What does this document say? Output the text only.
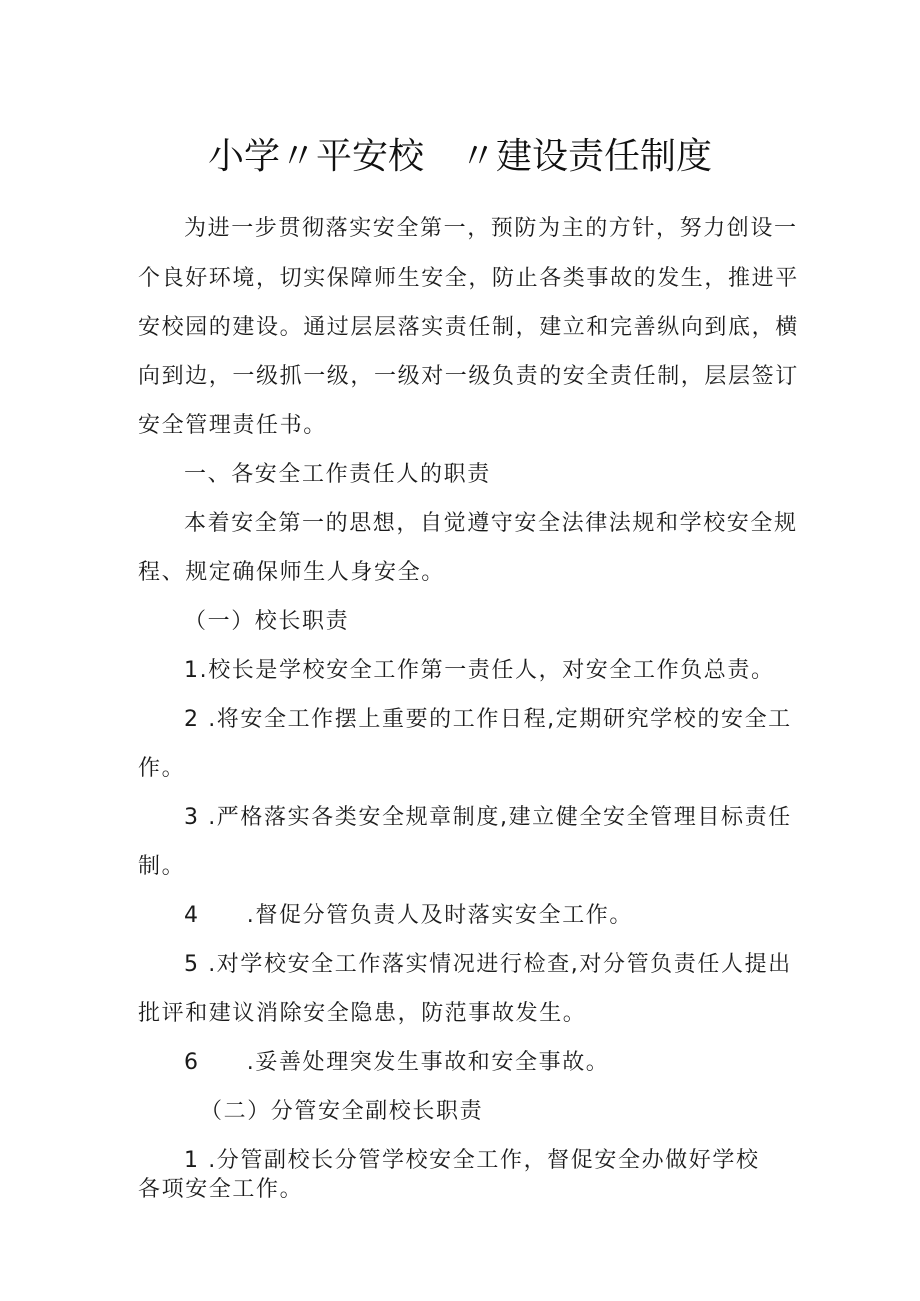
小学〃平安校　〃建设责任制度

为进一步贯彻落实安全第一，预防为主的方针，努力创设一

个良好环境，切实保障师生安全，防止各类事故的发生，推进平

安校园的建设。通过层层落实责任制，建立和完善纵向到底，横

向到边，一级抓一级，一级对一级负责的安全责任制，层层签订

安全管理责任书。

一、各安全工作责任人的职责

本着安全第一的思想，自觉遵守安全法律法规和学校安全规

程、规定确保师生人身安全。

（一）校长职责

1.校长是学校安全工作第一责任人，对安全工作负总责。

2 .将安全工作摆上重要的工作日程,定期研究学校的安全工

作。

3 .严格落实各类安全规章制度,建立健全安全管理目标责任

制。

4　　.督促分管负责人及时落实安全工作。

5 .对学校安全工作落实情况进行检查,对分管负责任人提出

批评和建议消除安全隐患，防范事故发生。

6　　.妥善处理突发生事故和安全事故。

（二）分管安全副校长职责

1 .分管副校长分管学校安全工作，督促安全办做好学校

各项安全工作。
